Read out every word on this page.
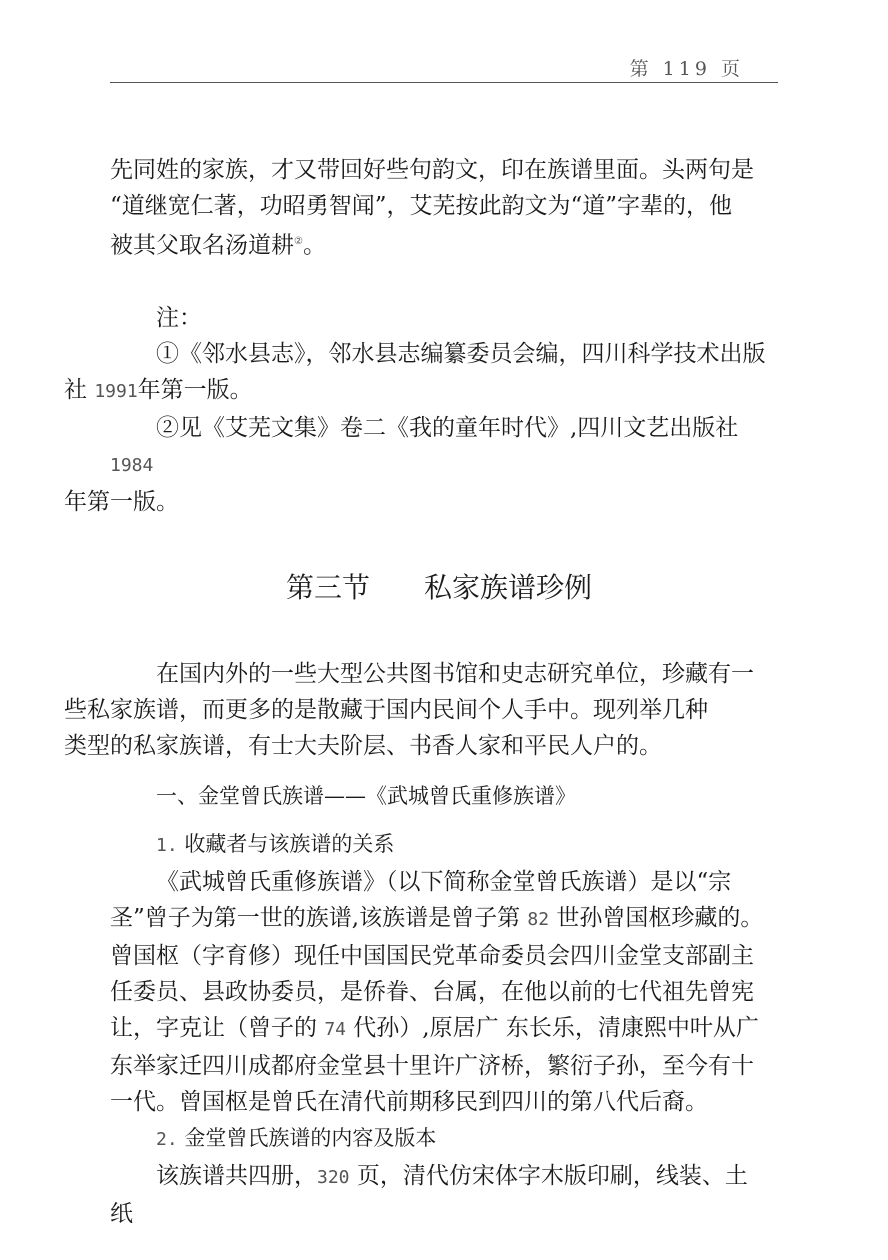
第 119 页

先同姓的家族，才又带回好些句韵文，印在族谱里面。头两句是
“道继宽仁著，功昭勇智闻”，艾芜按此韵文为“道”字辈的，他
被其父取名汤道耕②。

注：

①《邻水县志》，邻水县志编纂委员会编，四川科学技术出版
社 1991年第一版。

②见《艾芜文集》卷二《我的童年时代》,四川文艺出版社 1984
年第一版。

第三节 私家族谱珍例

在国内外的一些大型公共图书馆和史志研究单位，珍藏有一
些私家族谱，而更多的是散藏于国内民间个人手中。现列举几种
类型的私家族谱，有士大夫阶层、书香人家和平民人户的。

一、金堂曾氏族谱——《武城曾氏重修族谱》

1. 收藏者与该族谱的关系

《武城曾氏重修族谱》（以下简称金堂曾氏族谱）是以“宗
圣”曾子为第一世的族谱,该族谱是曾子第 82 世孙曾国枢珍藏的。
曾国枢（字育修）现任中国国民党革命委员会四川金堂支部副主
任委员、县政协委员，是侨眷、台属，在他以前的七代祖先曾宪
让，字克让（曾子的 74 代孙）,原居广 东长乐，清康熙中叶从广
东举家迁四川成都府金堂县十里许广济桥，繁衍子孙，至今有十
一代。曾国枢是曾氏在清代前期移民到四川的第八代后裔。

2. 金堂曾氏族谱的内容及版本

该族谱共四册，320 页，清代仿宋体字木版印刷，线装、土纸
